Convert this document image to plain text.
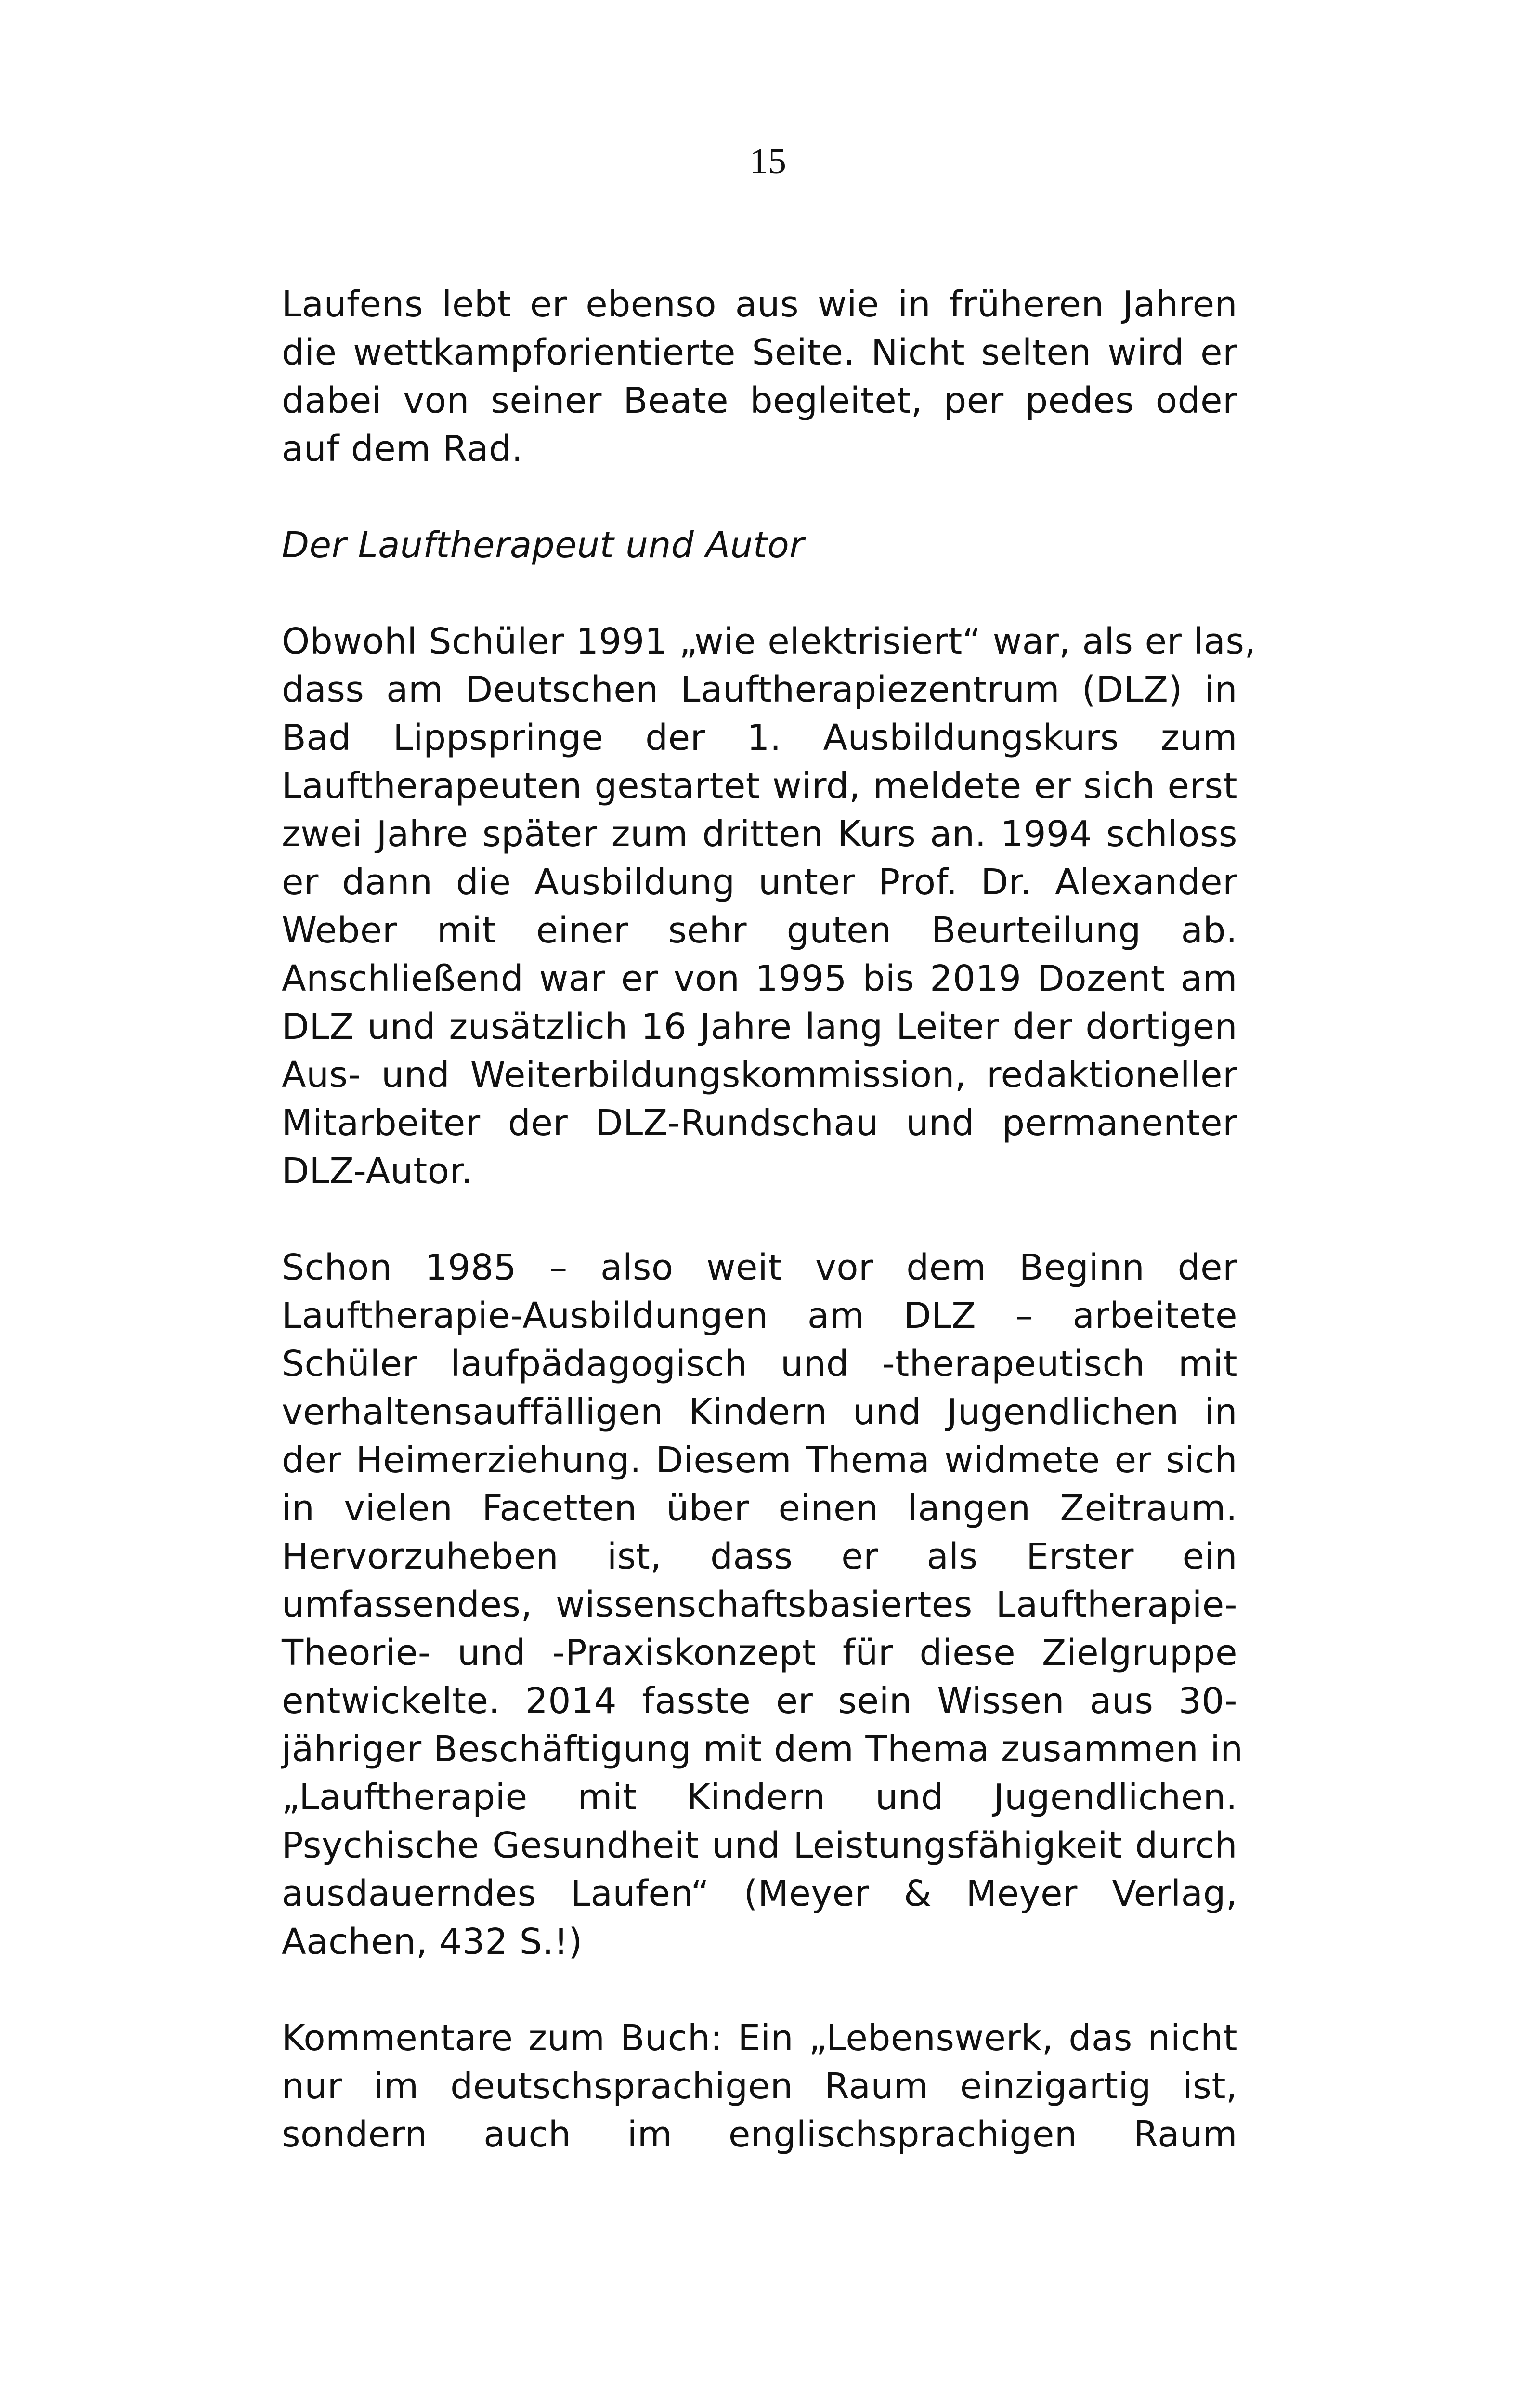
15
Laufens lebt er ebenso aus wie in früheren Jahren
die wettkampforientierte Seite. Nicht selten wird er
dabei von seiner Beate begleitet, per pedes oder
auf dem Rad.
Der Lauftherapeut und Autor
Obwohl Schüler 1991 „wie elektrisiert“ war, als er las,
dass am Deutschen Lauftherapiezentrum (DLZ) in
Bad Lippspringe der 1. Ausbildungskurs zum
Lauftherapeuten gestartet wird, meldete er sich erst
zwei Jahre später zum dritten Kurs an. 1994 schloss
er dann die Ausbildung unter Prof. Dr. Alexander
Weber mit einer sehr guten Beurteilung ab.
Anschließend war er von 1995 bis 2019 Dozent am
DLZ und zusätzlich 16 Jahre lang Leiter der dortigen
Aus- und Weiterbildungskommission, redaktioneller
Mitarbeiter der DLZ-Rundschau und permanenter
DLZ-Autor.
Schon 1985 – also weit vor dem Beginn der
Lauftherapie-Ausbildungen am DLZ – arbeitete
Schüler laufpädagogisch und -therapeutisch mit
verhaltensauffälligen Kindern und Jugendlichen in
der Heimerziehung. Diesem Thema widmete er sich
in vielen Facetten über einen langen Zeitraum.
Hervorzuheben ist, dass er als Erster ein
umfassendes, wissenschaftsbasiertes Lauftherapie-
Theorie- und -Praxiskonzept für diese Zielgruppe
entwickelte. 2014 fasste er sein Wissen aus 30-
jähriger Beschäftigung mit dem Thema zusammen in
„Lauftherapie mit Kindern und Jugendlichen.
Psychische Gesundheit und Leistungsfähigkeit durch
ausdauerndes Laufen“ (Meyer & Meyer Verlag,
Aachen, 432 S.!)
Kommentare zum Buch: Ein „Lebenswerk, das nicht
nur im deutschsprachigen Raum einzigartig ist,
sondern auch im englischsprachigen Raum
